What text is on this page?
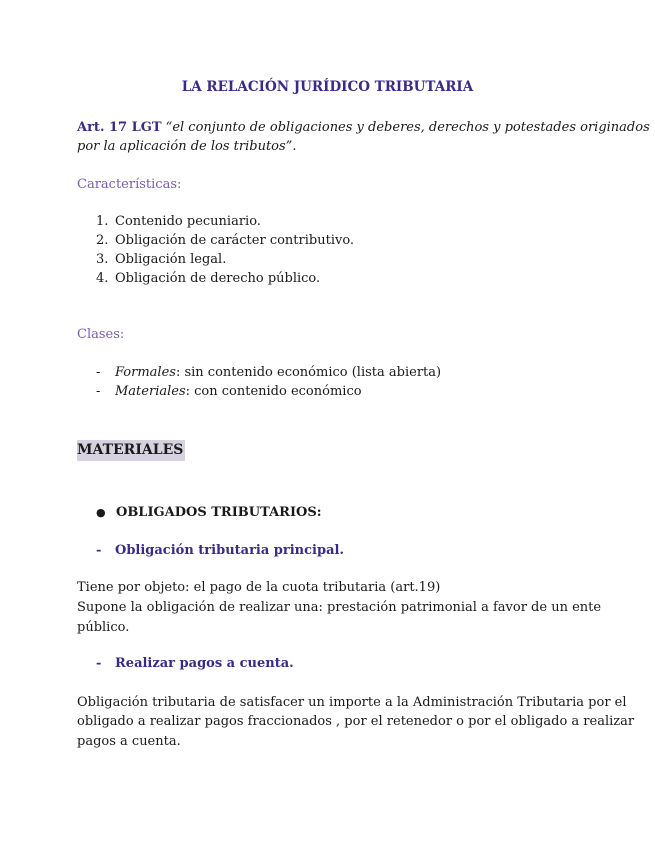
LA RELACIÓN JURÍDICO TRIBUTARIA
Art. 17 LGT “el conjunto de obligaciones y deberes, derechos y potestades originados
por la aplicación de los tributos”.
Características:
1. Contenido pecuniario.
2. Obligación de carácter contributivo.
3. Obligación legal.
4. Obligación de derecho público.
Clases:
- Formales: sin contenido económico (lista abierta)
- Materiales: con contenido económico
MATERIALES
● OBLIGADOS TRIBUTARIOS:
- Obligación tributaria principal.
Tiene por objeto: el pago de la cuota tributaria (art.19)
Supone la obligación de realizar una: prestación patrimonial a favor de un ente
público.
- Realizar pagos a cuenta.
Obligación tributaria de satisfacer un importe a la Administración Tributaria por el
obligado a realizar pagos fraccionados , por el retenedor o por el obligado a realizar
pagos a cuenta.
